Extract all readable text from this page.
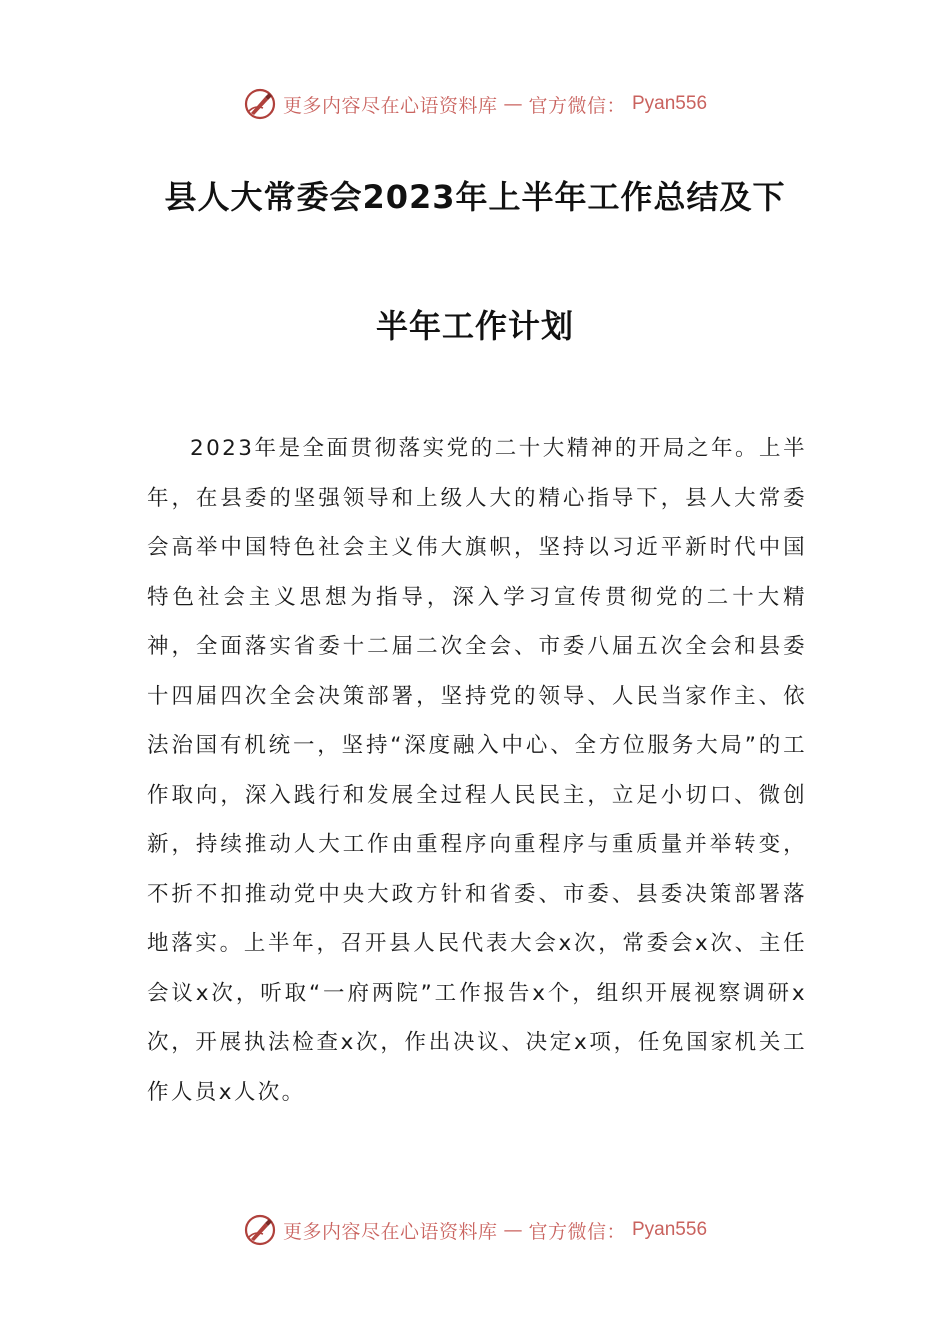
更多内容尽在心语资料库 — 官方微信： Pyan556
县人大常委会2023年上半年工作总结及下
半年工作计划

2023年是全面贯彻落实党的二十大精神的开局之年。上半年，在县委的坚强领导和上级人大的精心指导下，县人大常委会高举中国特色社会主义伟大旗帜，坚持以习近平新时代中国特色社会主义思想为指导，深入学习宣传贯彻党的二十大精神，全面落实省委十二届二次全会、市委八届五次全会和县委十四届四次全会决策部署，坚持党的领导、人民当家作主、依法治国有机统一，坚持“深度融入中心、全方位服务大局”的工作取向，深入践行和发展全过程人民民主，立足小切口、微创新，持续推动人大工作由重程序向重程序与重质量并举转变，不折不扣推动党中央大政方针和省委、市委、县委决策部署落地落实。上半年，召开县人民代表大会x次，常委会x次、主任会议x次，听取“一府两院”工作报告x个，组织开展视察调研x次，开展执法检查x次，作出决议、决定x项，任免国家机关工作人员x人次。

更多内容尽在心语资料库 — 官方微信： Pyan556
